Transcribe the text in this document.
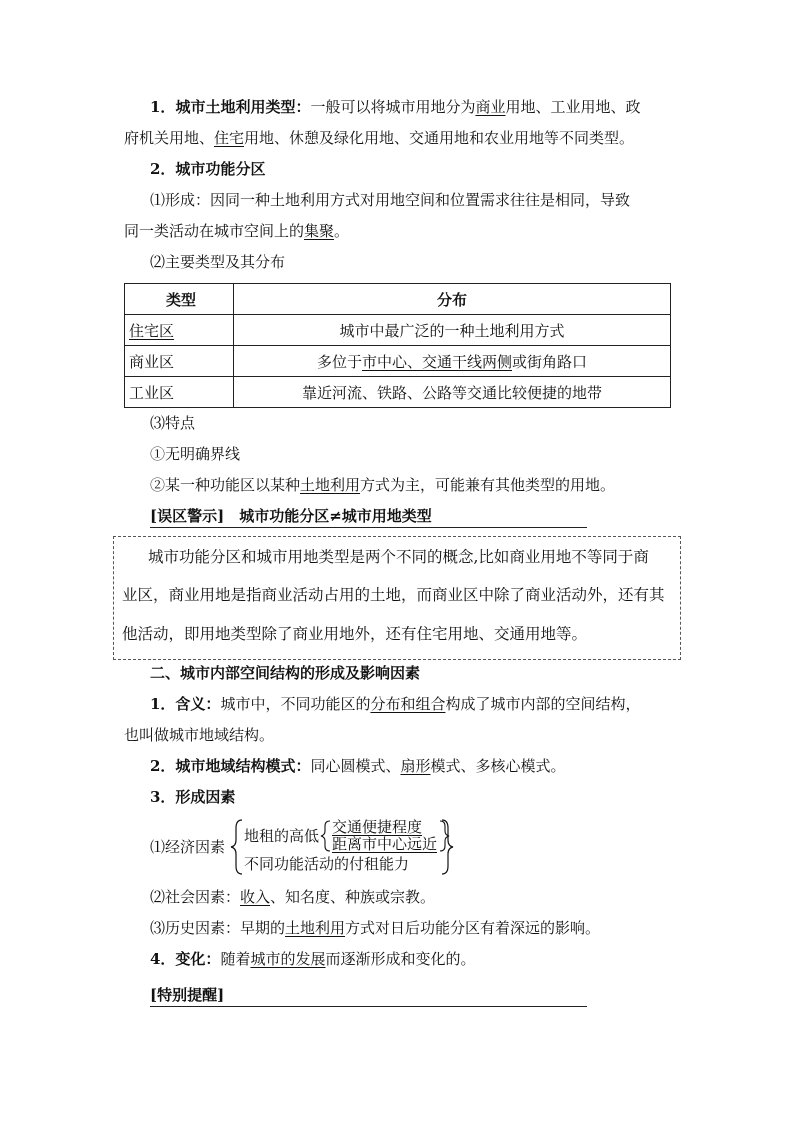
1．城市土地利用类型：一般可以将城市用地分为商业用地、工业用地、政
府机关用地、住宅用地、休憩及绿化用地、交通用地和农业用地等不同类型。
2．城市功能分区
⑴形成：因同一种土地利用方式对用地空间和位置需求往往是相同，导致
同一类活动在城市空间上的集聚。
⑵主要类型及其分布
类型	分布
住宅区	城市中最广泛的一种土地利用方式
商业区	多位于市中心、交通干线两侧或街角路口
工业区	靠近河流、铁路、公路等交通比较便捷的地带
⑶特点
①无明确界线
②某一种功能区以某种土地利用方式为主，可能兼有其他类型的用地。
[误区警示]　城市功能分区≠城市用地类型
城市功能分区和城市用地类型是两个不同的概念,比如商业用地不等同于商
业区，商业用地是指商业活动占用的土地，而商业区中除了商业活动外，还有其
他活动，即用地类型除了商业用地外，还有住宅用地、交通用地等。
二、城市内部空间结构的形成及影响因素
1．含义：城市中，不同功能区的分布和组合构成了城市内部的空间结构，
也叫做城市地域结构。
2．城市地域结构模式：同心圆模式、扇形模式、多核心模式。
3．形成因素
⑴经济因素
地租的高低 交通便捷程度
距离市中心远近
不同功能活动的付租能力
⑵社会因素：收入、知名度、种族或宗教。
⑶历史因素：早期的土地利用方式对日后功能分区有着深远的影响。
4．变化：随着城市的发展而逐渐形成和变化的。
[特别提醒]
